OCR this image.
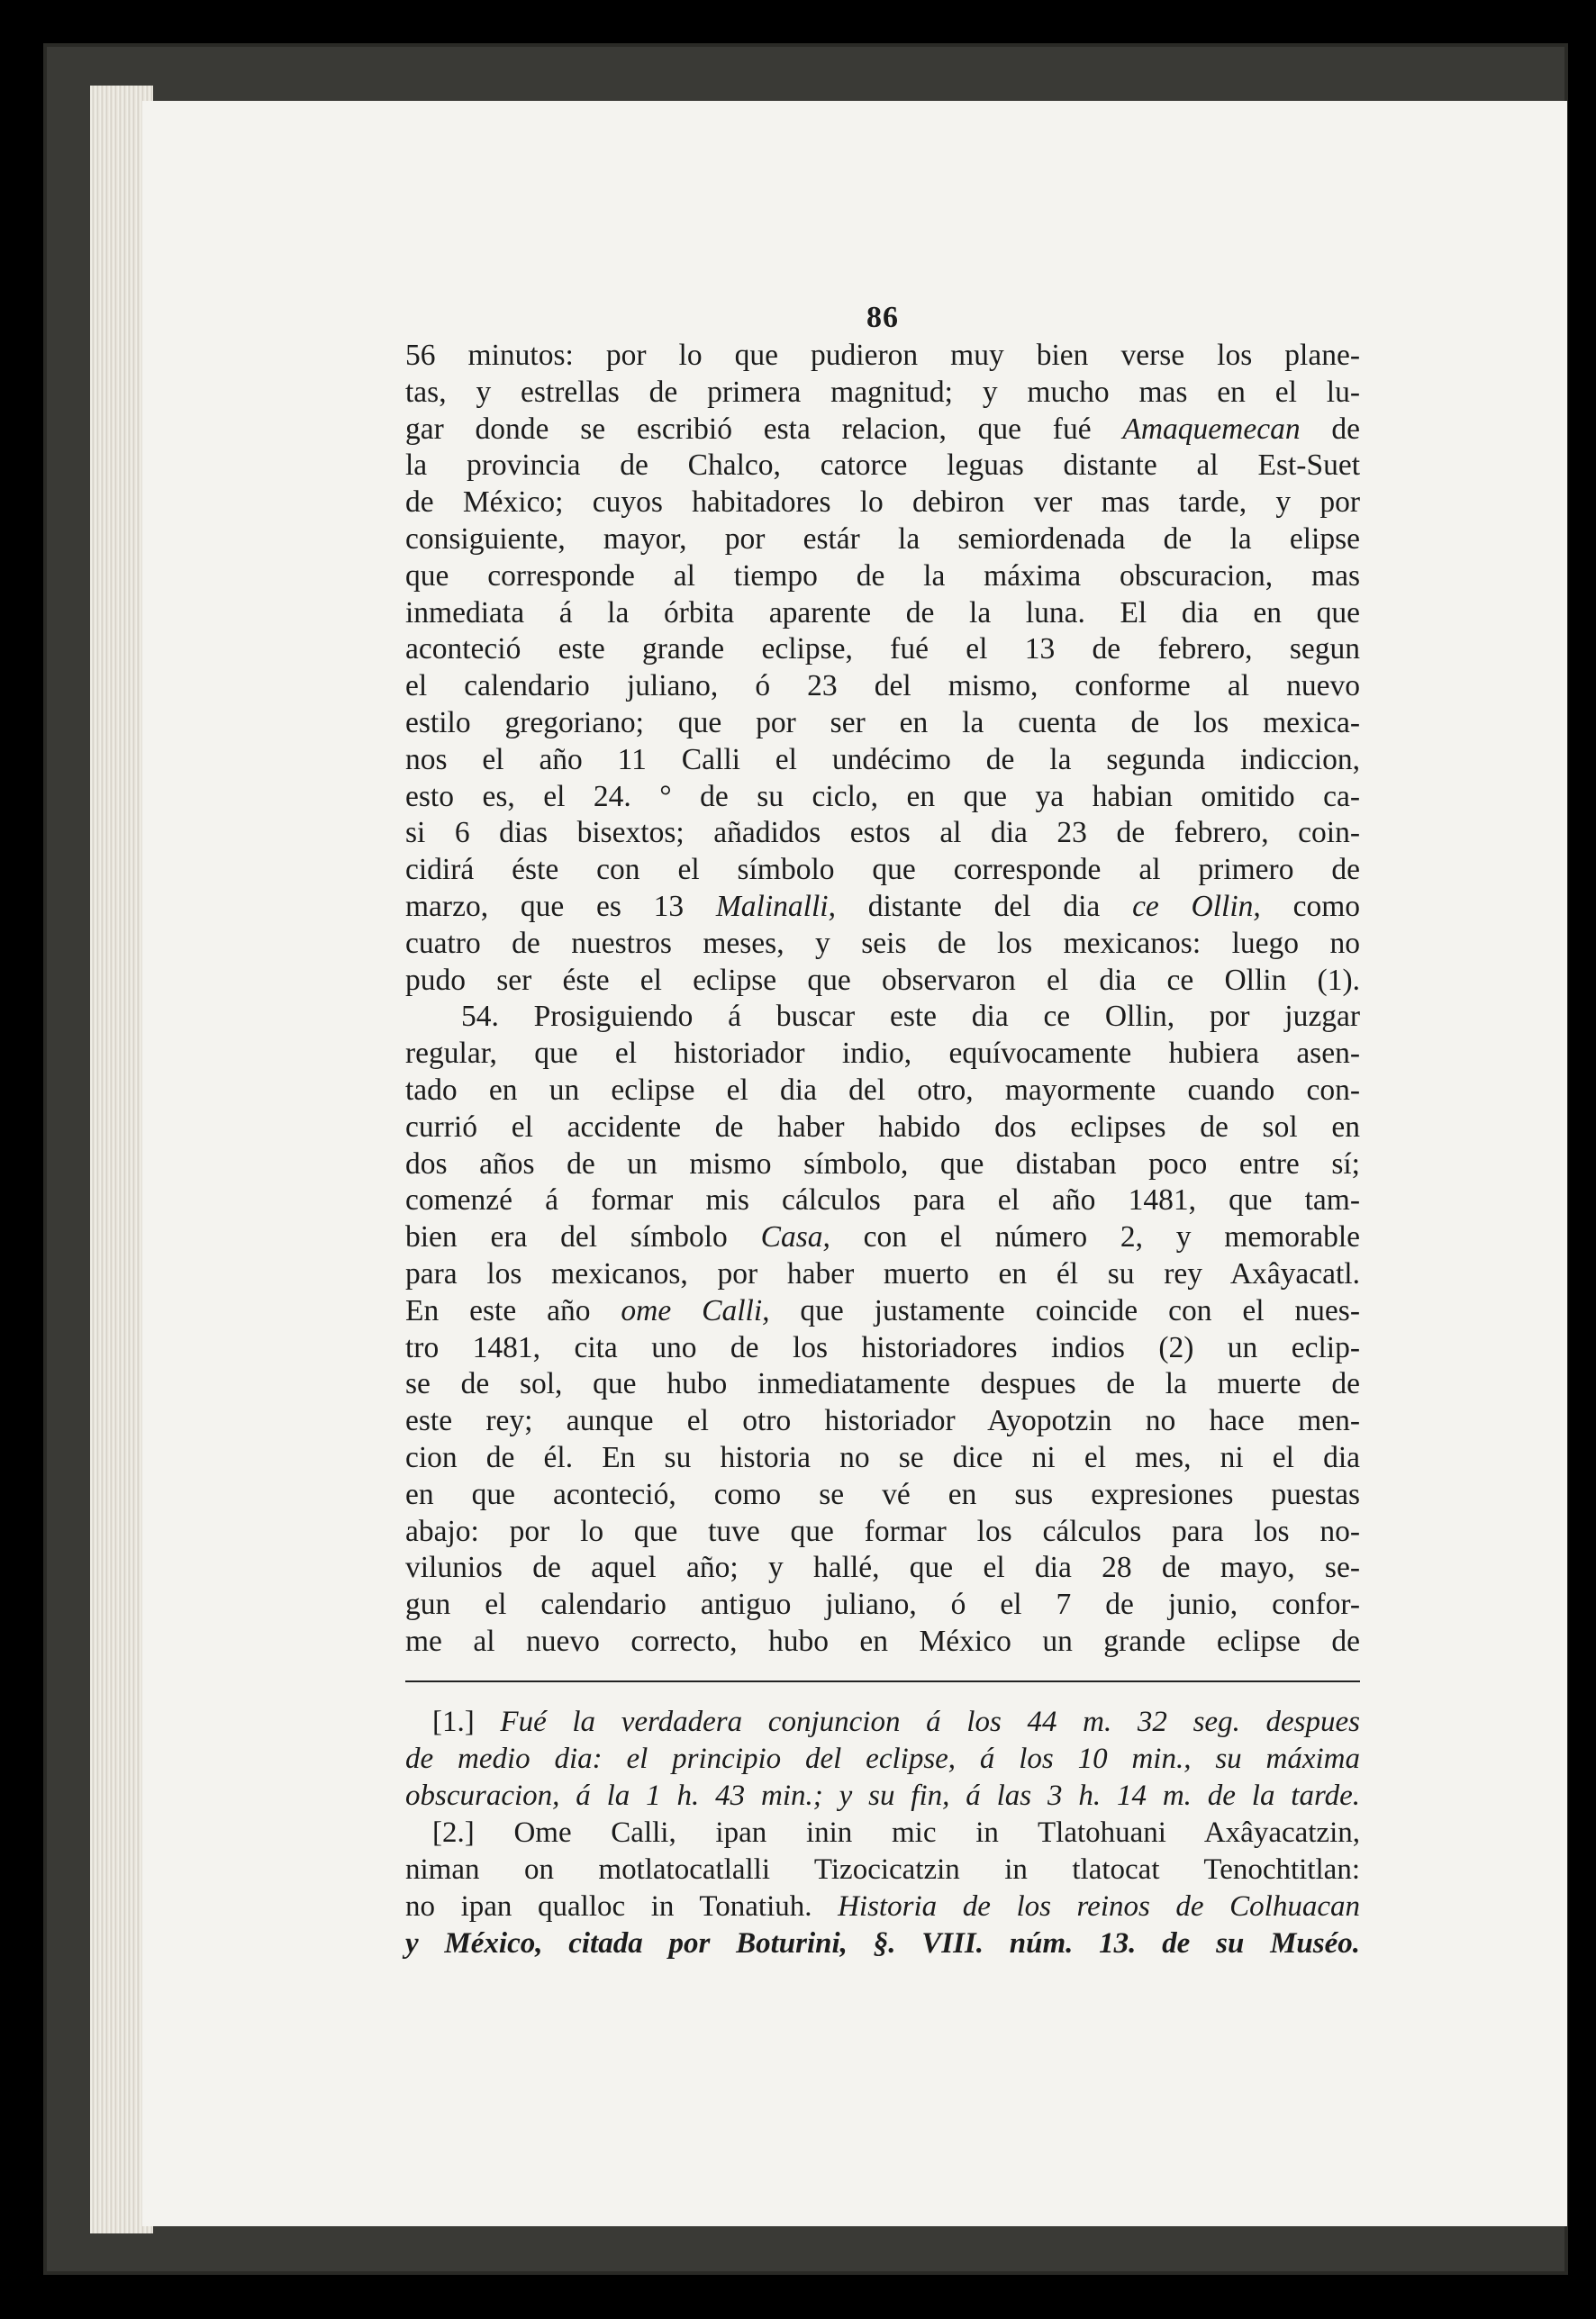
86

56 minutos: por lo que pudieron muy bien verse los plane-

tas, y estrellas de primera magnitud; y mucho mas en el lu-

gar donde se escribió esta relacion, que fué Amaquemecan de

la provincia de Chalco, catorce leguas distante al Est-Suet

de México; cuyos habitadores lo debiron ver mas tarde, y por

consiguiente, mayor, por estár la semiordenada de la elipse

que corresponde al tiempo de la máxima obscuracion, mas

inmediata á la órbita aparente de la luna. El dia en que

aconteció este grande eclipse, fué el 13 de febrero, segun

el calendario juliano, ó 23 del mismo, conforme al nuevo

estilo gregoriano; que por ser en la cuenta de los mexica-

nos el año 11 Calli el undécimo de la segunda indiccion,

esto es, el 24. ° de su ciclo, en que ya habian omitido ca-

si 6 dias bisextos; añadidos estos al dia 23 de febrero, coin-

cidirá éste con el símbolo que corresponde al primero de

marzo, que es 13 Malinalli, distante del dia ce Ollin, como

cuatro de nuestros meses, y seis de los mexicanos: luego no

pudo ser éste el eclipse que observaron el dia ce Ollin (1).

54. Prosiguiendo á buscar este dia ce Ollin, por juzgar

regular, que el historiador indio, equívocamente hubiera asen-

tado en un eclipse el dia del otro, mayormente cuando con-

currió el accidente de haber habido dos eclipses de sol en

dos años de un mismo símbolo, que distaban poco entre sí;

comenzé á formar mis cálculos para el año 1481, que tam-

bien era del símbolo Casa, con el número 2, y memorable

para los mexicanos, por haber muerto en él su rey Axâyacatl.

En este año ome Calli, que justamente coincide con el nues-

tro 1481, cita uno de los historiadores indios (2) un eclip-

se de sol, que hubo inmediatamente despues de la muerte de

este rey; aunque el otro historiador Ayopotzin no hace men-

cion de él. En su historia no se dice ni el mes, ni el dia

en que aconteció, como se vé en sus expresiones puestas

abajo: por lo que tuve que formar los cálculos para los no-

vilunios de aquel año; y hallé, que el dia 28 de mayo, se-

gun el calendario antiguo juliano, ó el 7 de junio, confor-

me al nuevo correcto, hubo en México un grande eclipse de

[1.] Fué la verdadera conjuncion á los 44 m. 32 seg. despues

de medio dia: el principio del eclipse, á los 10 min., su máxima

obscuracion, á la 1 h. 43 min.; y su fin, á las 3 h. 14 m. de la tarde.

[2.] Ome Calli, ipan inin mic in Tlatohuani Axâyacatzin,

niman on motlatocatlalli Tizocicatzin in tlatocat Tenochtitlan:

no ipan qualloc in Tonatiuh. Historia de los reinos de Colhuacan

y México, citada por Boturini, §. VIII. núm. 13. de su Muséo.
